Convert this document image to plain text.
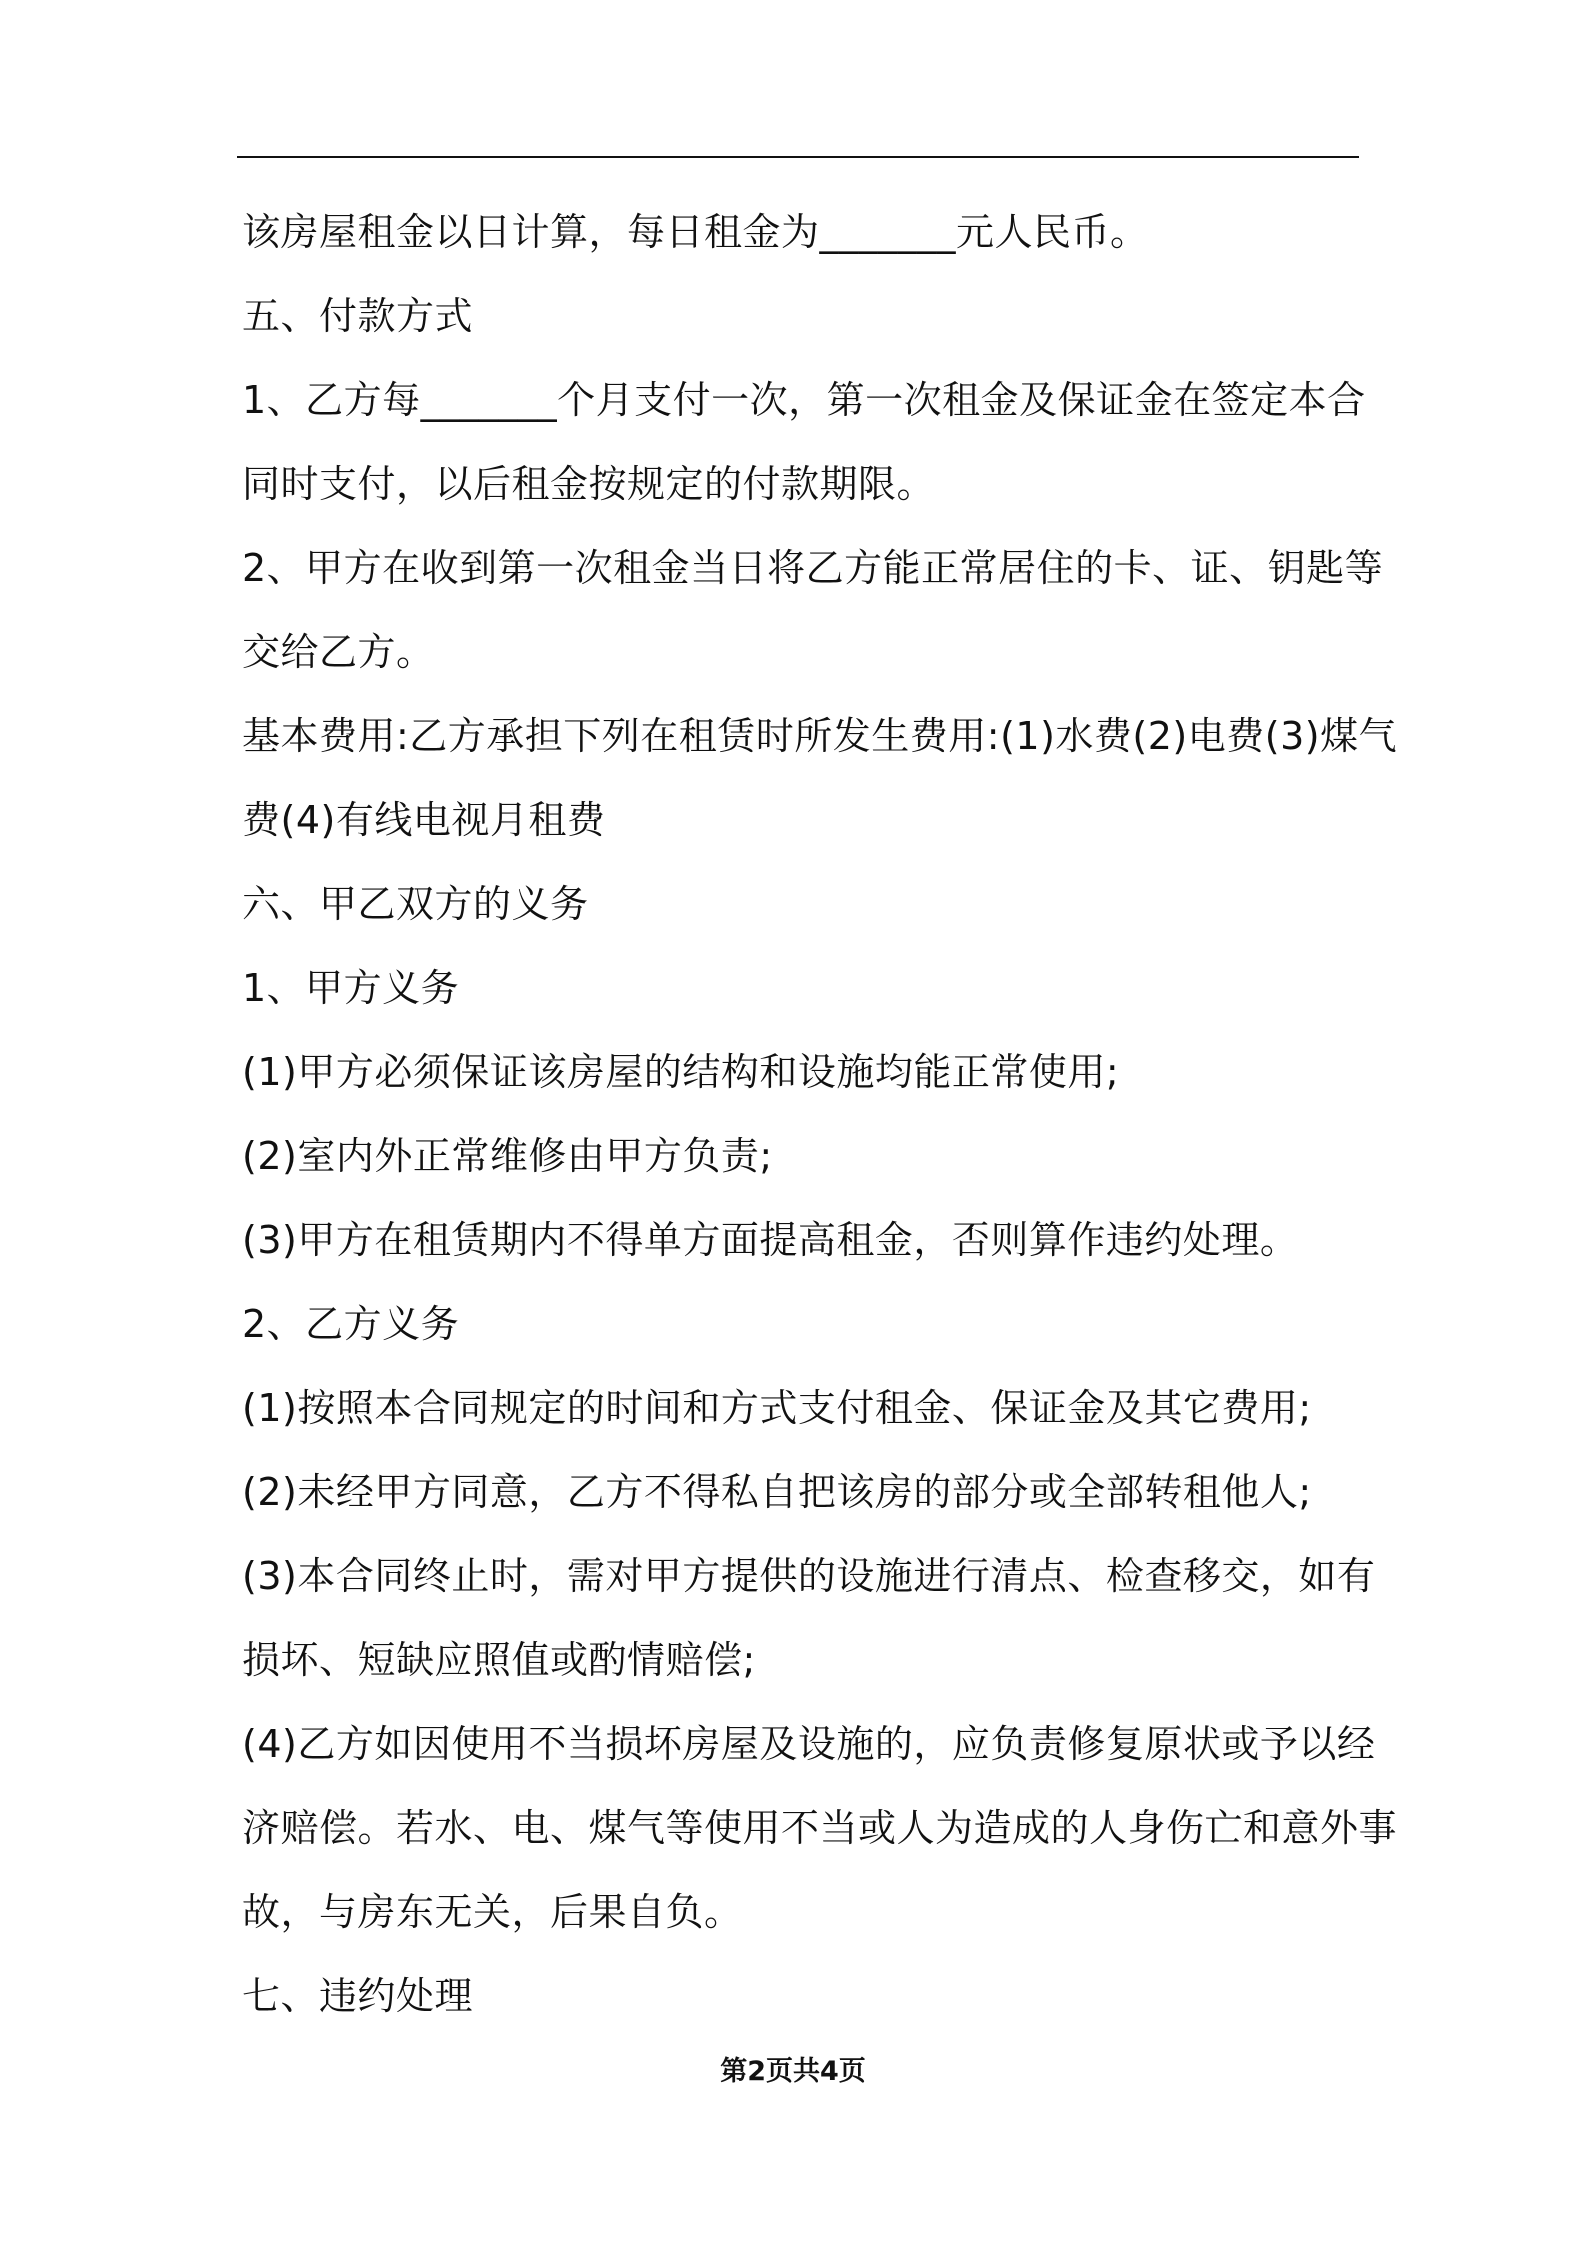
该房屋租金以日计算，每日租金为_______元人民币。
五、付款方式
1、乙方每_______个月支付一次，第一次租金及保证金在签定本合
同时支付，以后租金按规定的付款期限。
2、甲方在收到第一次租金当日将乙方能正常居住的卡、证、钥匙等
交给乙方。
基本费用:乙方承担下列在租赁时所发生费用:(1)水费(2)电费(3)煤气
费(4)有线电视月租费
六、甲乙双方的义务
1、甲方义务
(1)甲方必须保证该房屋的结构和设施均能正常使用;
(2)室内外正常维修由甲方负责;
(3)甲方在租赁期内不得单方面提高租金，否则算作违约处理。
2、乙方义务
(1)按照本合同规定的时间和方式支付租金、保证金及其它费用;
(2)未经甲方同意，乙方不得私自把该房的部分或全部转租他人;
(3)本合同终止时，需对甲方提供的设施进行清点、检查移交，如有
损坏、短缺应照值或酌情赔偿;
(4)乙方如因使用不当损坏房屋及设施的，应负责修复原状或予以经
济赔偿。若水、电、煤气等使用不当或人为造成的人身伤亡和意外事
故，与房东无关，后果自负。
七、违约处理
第2页共4页
